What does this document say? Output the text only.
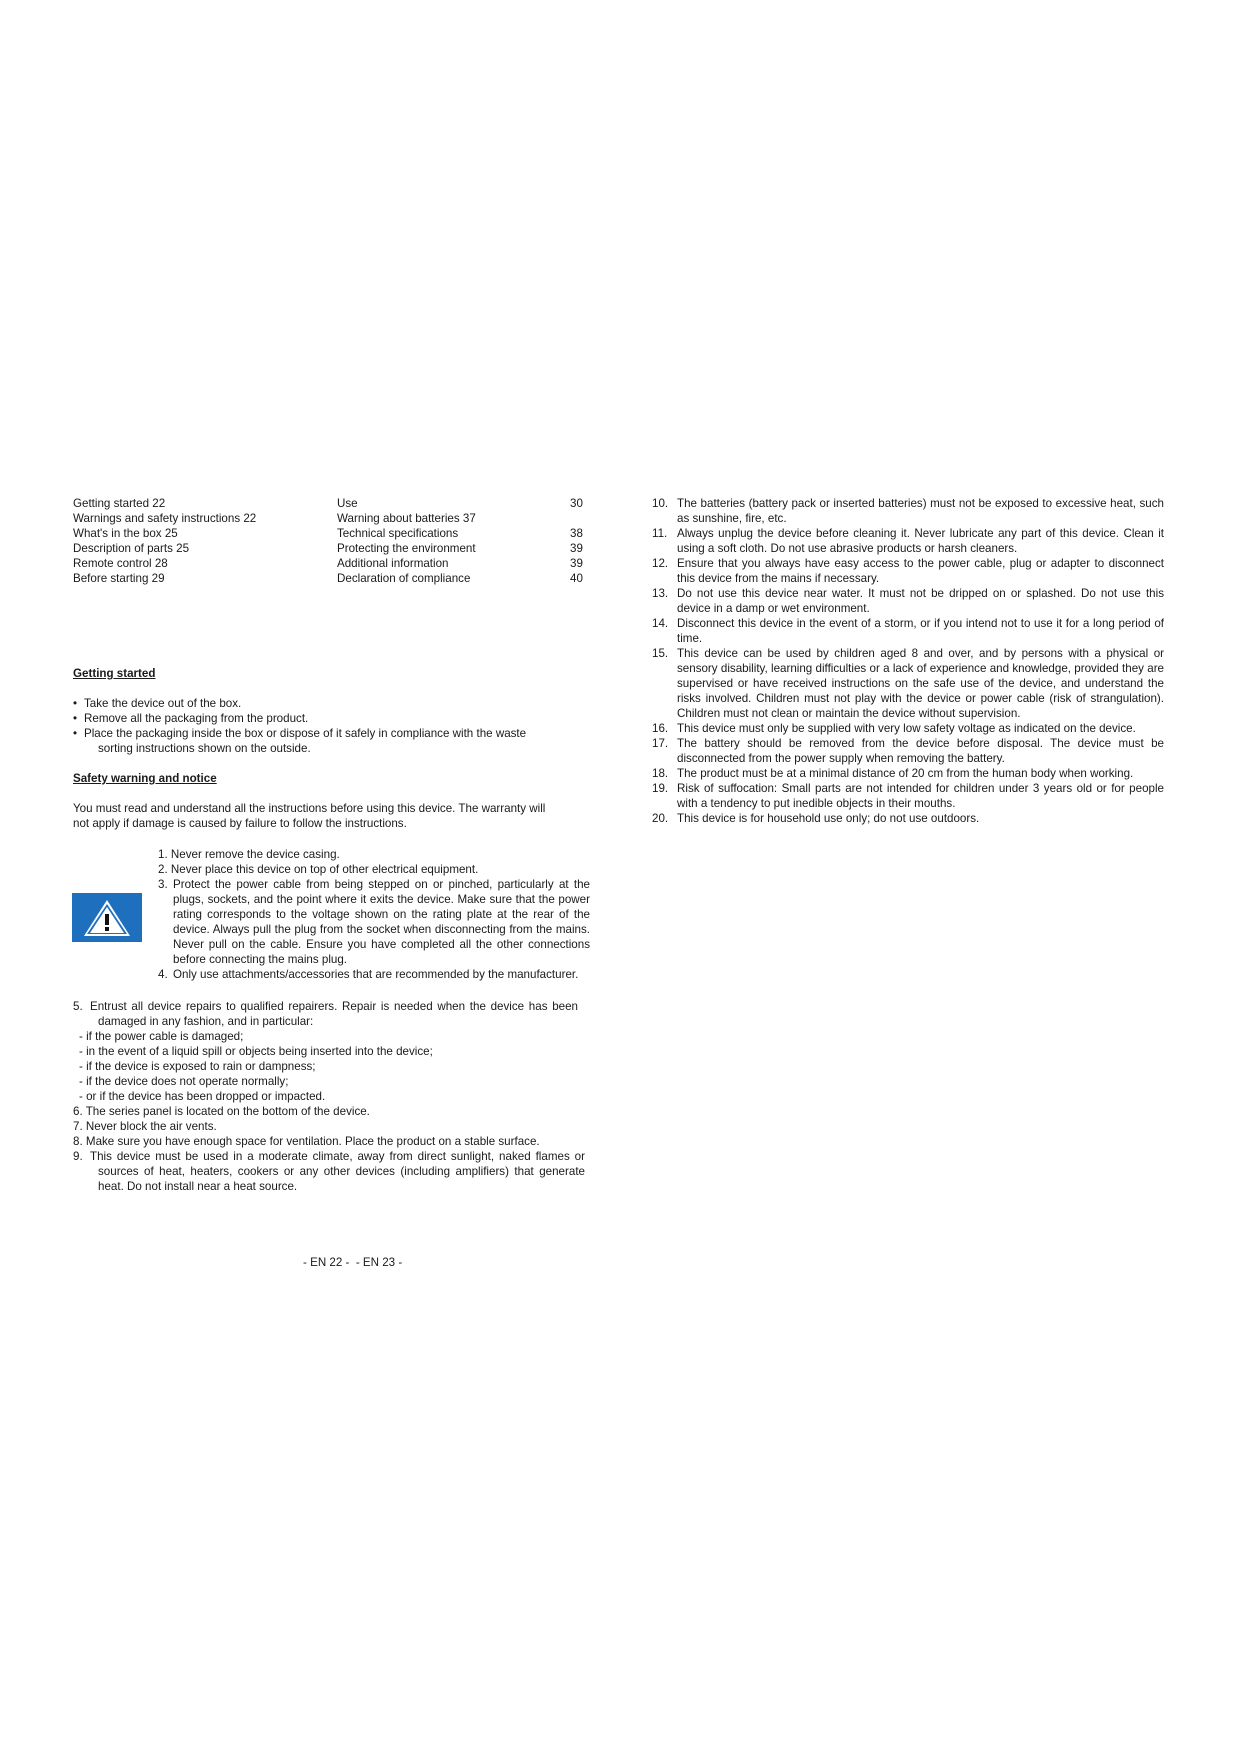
Getting started 22
Warnings and safety instructions 22
What's in the box 25
Description of parts 25
Remote control 28
Before starting 29
Use	30
Warning about batteries 37
Technical specifications	38
Protecting the environment	39
Additional information	39
Declaration of compliance	40
Getting started
• Take the device out of the box.
• Remove all the packaging from the product.
• Place the packaging inside the box or dispose of it safely in compliance with the waste
sorting instructions shown on the outside.
Safety warning and notice
You must read and understand all the instructions before using this device. The warranty will
not apply if damage is caused by failure to follow the instructions.
1. Never remove the device casing.
2. Never place this device on top of other electrical equipment.
3. Protect the power cable from being stepped on or pinched, particularly at the plugs, sockets, and the point where it exits the device. Make sure that the power rating corresponds to the voltage shown on the rating plate at the rear of the device. Always pull the plug from the socket when disconnecting from the mains. Never pull on the cable. Ensure you have completed all the other connections before connecting the mains plug.
4. Only use attachments/accessories that are recommended by the manufacturer.
5. Entrust all device repairs to qualified repairers. Repair is needed when the device has been damaged in any fashion, and in particular:
- if the power cable is damaged;
- in the event of a liquid spill or objects being inserted into the device;
- if the device is exposed to rain or dampness;
- if the device does not operate normally;
- or if the device has been dropped or impacted.
6. The series panel is located on the bottom of the device.
7. Never block the air vents.
8. Make sure you have enough space for ventilation. Place the product on a stable surface.
9. This device must be used in a moderate climate, away from direct sunlight, naked flames or sources of heat, heaters, cookers or any other devices (including amplifiers) that generate heat. Do not install near a heat source.
10. The batteries (battery pack or inserted batteries) must not be exposed to excessive heat, such as sunshine, fire, etc.
11. Always unplug the device before cleaning it. Never lubricate any part of this device. Clean it using a soft cloth. Do not use abrasive products or harsh cleaners.
12. Ensure that you always have easy access to the power cable, plug or adapter to disconnect this device from the mains if necessary.
13. Do not use this device near water. It must not be dripped on or splashed. Do not use this device in a damp or wet environment.
14. Disconnect this device in the event of a storm, or if you intend not to use it for a long period of time.
15. This device can be used by children aged 8 and over, and by persons with a physical or sensory disability, learning difficulties or a lack of experience and knowledge, provided they are supervised or have received instructions on the safe use of the device, and understand the risks involved. Children must not play with the device or power cable (risk of strangulation). Children must not clean or maintain the device without supervision.
16. This device must only be supplied with very low safety voltage as indicated on the device.
17. The battery should be removed from the device before disposal. The device must be disconnected from the power supply when removing the battery.
18. The product must be at a minimal distance of 20 cm from the human body when working.
19. Risk of suffocation: Small parts are not intended for children under 3 years old or for people with a tendency to put inedible objects in their mouths.
20. This device is for household use only; do not use outdoors.
- EN 22 -  - EN 23 -
